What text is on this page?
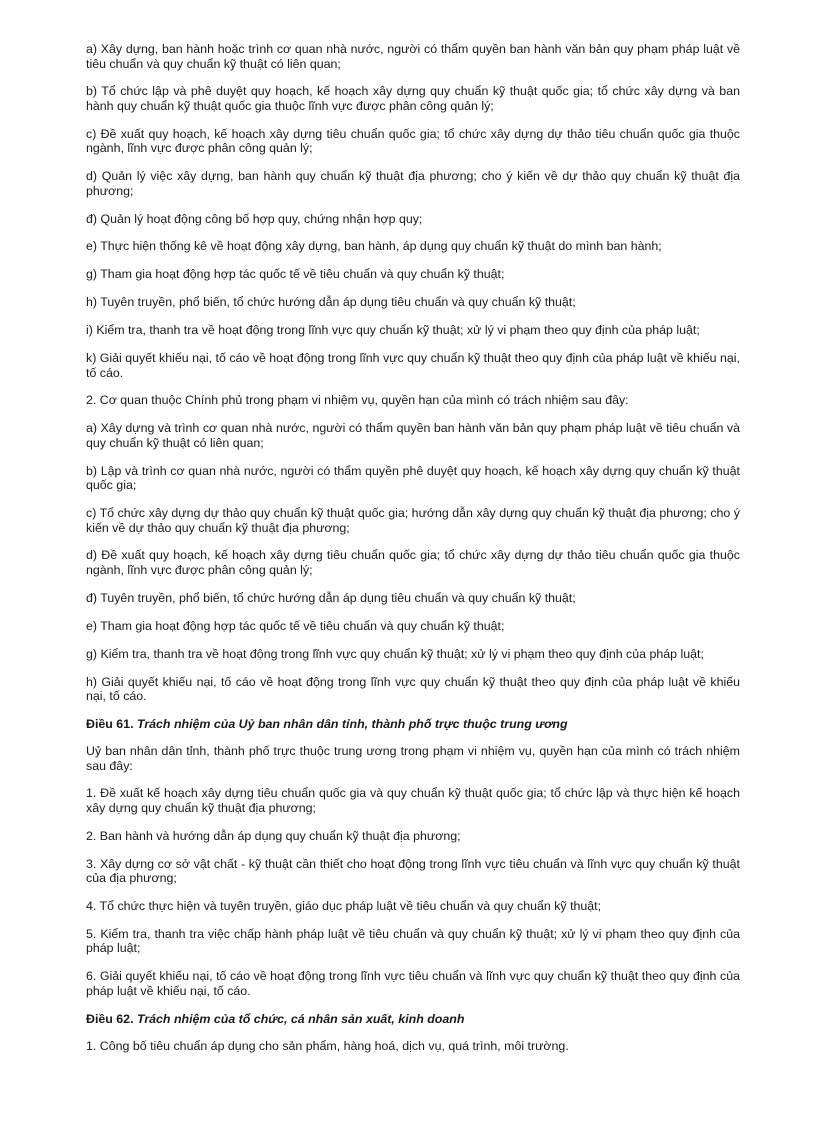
a) Xây dựng, ban hành hoặc trình cơ quan nhà nước, người có thẩm quyền ban hành văn bản quy phạm pháp luật về tiêu chuẩn và quy chuẩn kỹ thuật có liên quan;

b) Tổ chức lập và phê duyệt quy hoạch, kế hoạch xây dựng quy chuẩn kỹ thuật quốc gia; tổ chức xây dựng và ban hành quy chuẩn kỹ thuật quốc gia thuộc lĩnh vực được phân công quản lý;

c) Đề xuất quy hoạch, kế hoạch xây dựng tiêu chuẩn quốc gia; tổ chức xây dựng dự thảo tiêu chuẩn quốc gia thuộc ngành, lĩnh vực được phân công quản lý;

d) Quản lý việc xây dựng, ban hành quy chuẩn kỹ thuật địa phương; cho ý kiến về dự thảo quy chuẩn kỹ thuật địa phương;

đ) Quản lý hoạt động công bố hợp quy, chứng nhận hợp quy;

e) Thực hiện thống kê về hoạt động xây dựng, ban hành, áp dụng quy chuẩn kỹ thuật do mình ban hành;

g) Tham gia hoạt động hợp tác quốc tế về tiêu chuẩn và quy chuẩn kỹ thuật;

h) Tuyên truyền, phổ biến, tổ chức hướng dẫn áp dụng tiêu chuẩn và quy chuẩn kỹ thuật;

i) Kiểm tra, thanh tra về hoạt động trong lĩnh vực quy chuẩn kỹ thuật; xử lý vi phạm theo quy định của pháp luật;

k) Giải quyết khiếu nại, tố cáo về hoạt động trong lĩnh vực quy chuẩn kỹ thuật theo quy định của pháp luật về khiếu nại, tố cáo.

2. Cơ quan thuộc Chính phủ trong phạm vi nhiệm vụ, quyền hạn của mình có trách nhiệm sau đây:

a) Xây dựng và trình cơ quan nhà nước, người có thẩm quyền ban hành văn bản quy phạm pháp luật về tiêu chuẩn và quy chuẩn kỹ thuật có liên quan;

b) Lập và trình cơ quan nhà nước, người có thẩm quyền phê duyệt quy hoạch, kế hoạch xây dựng quy chuẩn kỹ thuật quốc gia;

c) Tổ chức xây dựng dự thảo quy chuẩn kỹ thuật quốc gia; hướng dẫn xây dựng quy chuẩn kỹ thuật địa phương; cho ý kiến về dự thảo quy chuẩn kỹ thuật địa phương;

d) Đề xuất quy hoạch, kế hoạch xây dựng tiêu chuẩn quốc gia; tổ chức xây dựng dự thảo tiêu chuẩn quốc gia thuộc ngành, lĩnh vực được phân công quản lý;

đ) Tuyên truyền, phổ biến, tổ chức hướng dẫn áp dụng tiêu chuẩn và quy chuẩn kỹ thuật;

e) Tham gia hoạt động hợp tác quốc tế về tiêu chuẩn và quy chuẩn kỹ thuật;

g) Kiểm tra, thanh tra về hoạt động trong lĩnh vực quy chuẩn kỹ thuật; xử lý vi phạm theo quy định của pháp luật;

h) Giải quyết khiếu nại, tố cáo về hoạt động trong lĩnh vực quy chuẩn kỹ thuật theo quy định của pháp luật về khiếu nại, tố cáo.

Điều 61. Trách nhiệm của Uỷ ban nhân dân tỉnh, thành phố trực thuộc trung ương

Uỷ ban nhân dân tỉnh, thành phố trực thuộc trung ương trong phạm vi nhiệm vụ, quyền hạn của mình có trách nhiệm sau đây:

1. Đề xuất kế hoạch xây dựng tiêu chuẩn quốc gia và quy chuẩn kỹ thuật quốc gia; tổ chức lập và thực hiện kế hoạch xây dựng quy chuẩn kỹ thuật địa phương;

2. Ban hành và hướng dẫn áp dụng quy chuẩn kỹ thuật địa phương;

3. Xây dựng cơ sở vật chất - kỹ thuật cần thiết cho hoạt động trong lĩnh vực tiêu chuẩn và lĩnh vực quy chuẩn kỹ thuật của địa phương;

4. Tổ chức thực hiện và tuyên truyền, giáo dục pháp luật về tiêu chuẩn và quy chuẩn kỹ thuật;

5. Kiểm tra, thanh tra việc chấp hành pháp luật về tiêu chuẩn và quy chuẩn kỹ thuật; xử lý vi phạm theo quy định của pháp luật;

6. Giải quyết khiếu nại, tố cáo về hoạt động trong lĩnh vực tiêu chuẩn và lĩnh vực quy chuẩn kỹ thuật theo quy định của pháp luật về khiếu nại, tố cáo.

Điều 62. Trách nhiệm của tổ chức, cá nhân sản xuất, kinh doanh

1. Công bố tiêu chuẩn áp dụng cho sản phẩm, hàng hoá, dịch vụ, quá trình, môi trường.
